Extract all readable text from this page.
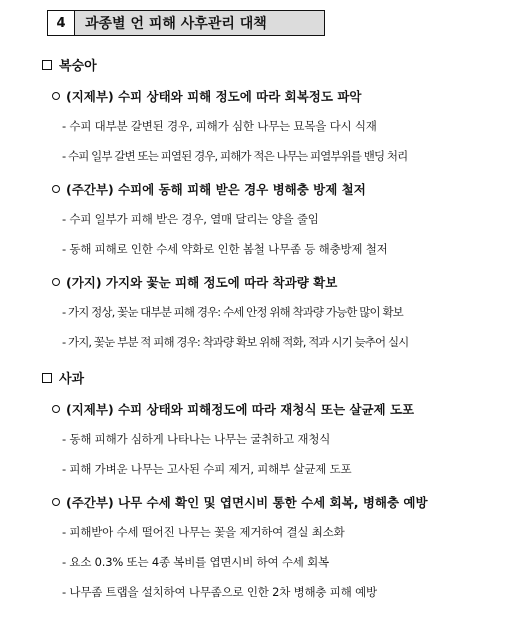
4	과종별 언 피해 사후관리 대책
복숭아
(지제부) 수피 상태와 피해 정도에 따라 회복정도 파악
- 수피 대부분 갈변된 경우, 피해가 심한 나무는 묘목을 다시 식재
- 수피 일부 갈변 또는 피열된 경우, 피해가 적은 나무는 피열부위를 밴딩 처리
(주간부) 수피에 동해 피해 받은 경우 병해충 방제 철저
- 수피 일부가 피해 받은 경우, 열매 달리는 양을 줄임
- 동해 피해로 인한 수세 약화로 인한 봄철 나무좀 등 해충방제 철저
(가지) 가지와 꽃눈 피해 정도에 따라 착과량 확보
- 가지 정상, 꽃눈 대부분 피해 경우: 수세 안정 위해 착과량 가능한 많이 확보
- 가지, 꽃눈 부분 적 피해 경우: 착과량 확보 위해 적화, 적과 시기 늦추어 실시
사과
(지제부) 수피 상태와 피해정도에 따라 재청식 또는 살균제 도포
- 동해 피해가 심하게 나타나는 나무는 굴취하고 재청식
- 피해 가벼운 나무는 고사된 수피 제거, 피해부 살균제 도포
(주간부) 나무 수세 확인 및 엽면시비 통한 수세 회복, 병해충 예방
- 피해받아 수세 떨어진 나무는 꽃을 제거하여 결실 최소화
- 요소 0.3% 또는 4종 복비를 엽면시비 하여 수세 회복
- 나무좀 트랩을 설치하여 나무좀으로 인한 2차 병해충 피해 예방
